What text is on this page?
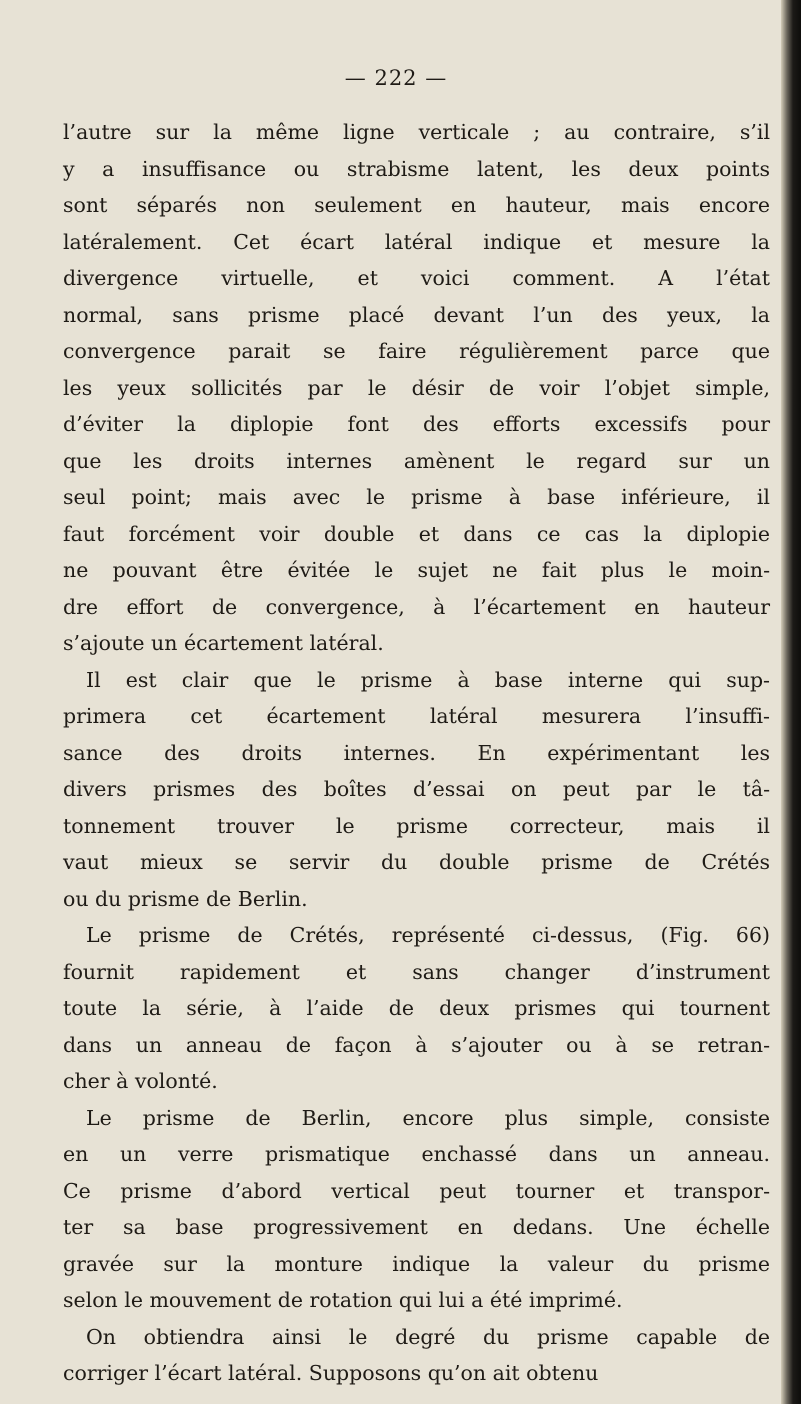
— 222 —
l’autre sur la même ligne verticale ; au contraire, s’il
y a insuffisance ou strabisme latent, les deux points
sont séparés non seulement en hauteur, mais encore
latéralement. Cet écart latéral indique et mesure la
divergence virtuelle, et voici comment. A l’état
normal, sans prisme placé devant l’un des yeux, la
convergence parait se faire régulièrement parce que
les yeux sollicités par le désir de voir l’objet simple,
d’éviter la diplopie font des efforts excessifs pour
que les droits internes amènent le regard sur un
seul point; mais avec le prisme à base inférieure, il
faut forcément voir double et dans ce cas la diplopie
ne pouvant être évitée le sujet ne fait plus le moin-
dre effort de convergence, à l’écartement en hauteur
s’ajoute un écartement latéral.
Il est clair que le prisme à base interne qui sup-
primera cet écartement latéral mesurera l’insuffi-
sance des droits internes. En expérimentant les
divers prismes des boîtes d’essai on peut par le tâ-
tonnement trouver le prisme correcteur, mais il
vaut mieux se servir du double prisme de Crétés
ou du prisme de Berlin.
Le prisme de Crétés, représenté ci-dessus, (Fig. 66)
fournit rapidement et sans changer d’instrument
toute la série, à l’aide de deux prismes qui tournent
dans un anneau de façon à s’ajouter ou à se retran-
cher à volonté.
Le prisme de Berlin, encore plus simple, consiste
en un verre prismatique enchassé dans un anneau.
Ce prisme d’abord vertical peut tourner et transpor-
ter sa base progressivement en dedans. Une échelle
gravée sur la monture indique la valeur du prisme
selon le mouvement de rotation qui lui a été imprimé.
On obtiendra ainsi le degré du prisme capable de
corriger l’écart latéral. Supposons qu’on ait obtenu
